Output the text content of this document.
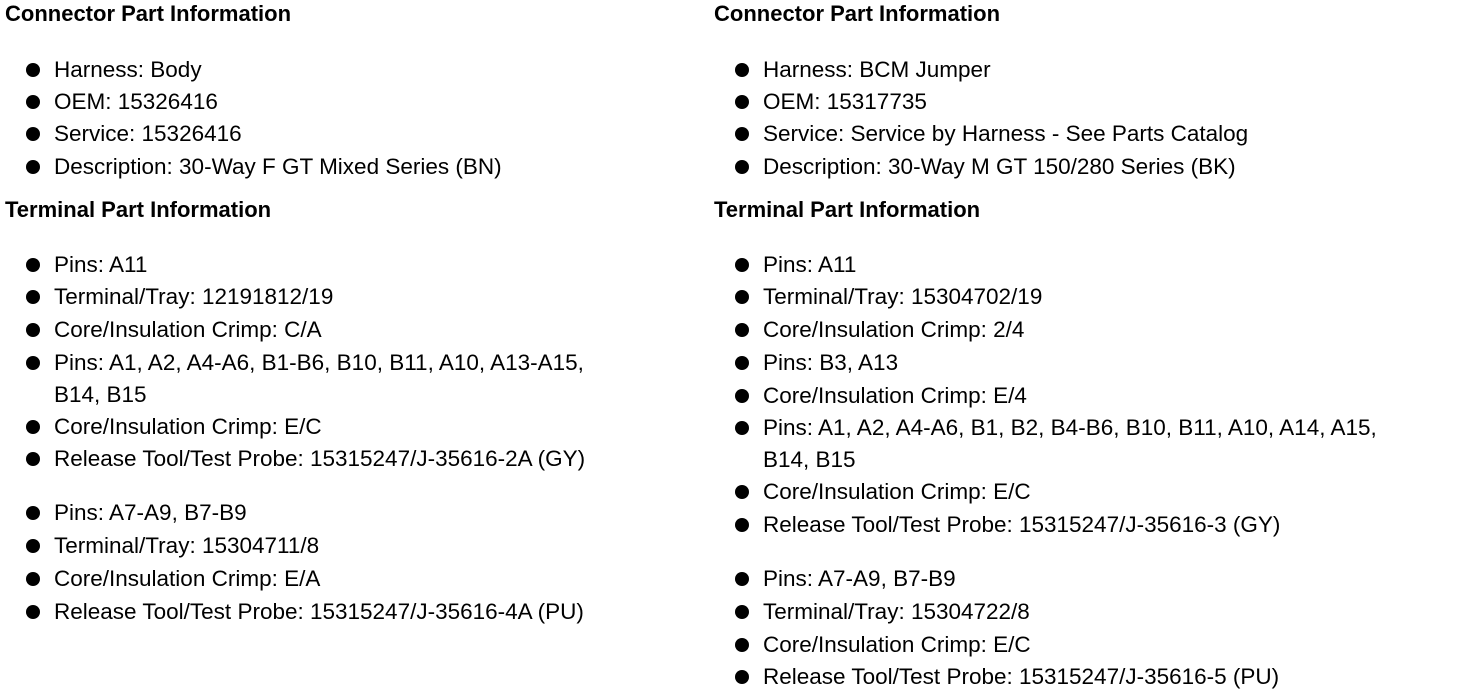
Connector Part Information
Harness: Body
OEM: 15326416
Service: 15326416
Description: 30-Way F GT Mixed Series (BN)
Terminal Part Information
Pins: A11
Terminal/Tray: 12191812/19
Core/Insulation Crimp: C/A
Pins: A1, A2, A4-A6, B1-B6, B10, B11, A10, A13-A15,
B14, B15
Core/Insulation Crimp: E/C
Release Tool/Test Probe: 15315247/J-35616-2A (GY)
Pins: A7-A9, B7-B9
Terminal/Tray: 15304711/8
Core/Insulation Crimp: E/A
Release Tool/Test Probe: 15315247/J-35616-4A (PU)
Connector Part Information
Harness: BCM Jumper
OEM: 15317735
Service: Service by Harness - See Parts Catalog
Description: 30-Way M GT 150/280 Series (BK)
Terminal Part Information
Pins: A11
Terminal/Tray: 15304702/19
Core/Insulation Crimp: 2/4
Pins: B3, A13
Core/Insulation Crimp: E/4
Pins: A1, A2, A4-A6, B1, B2, B4-B6, B10, B11, A10, A14, A15,
B14, B15
Core/Insulation Crimp: E/C
Release Tool/Test Probe: 15315247/J-35616-3 (GY)
Pins: A7-A9, B7-B9
Terminal/Tray: 15304722/8
Core/Insulation Crimp: E/C
Release Tool/Test Probe: 15315247/J-35616-5 (PU)
